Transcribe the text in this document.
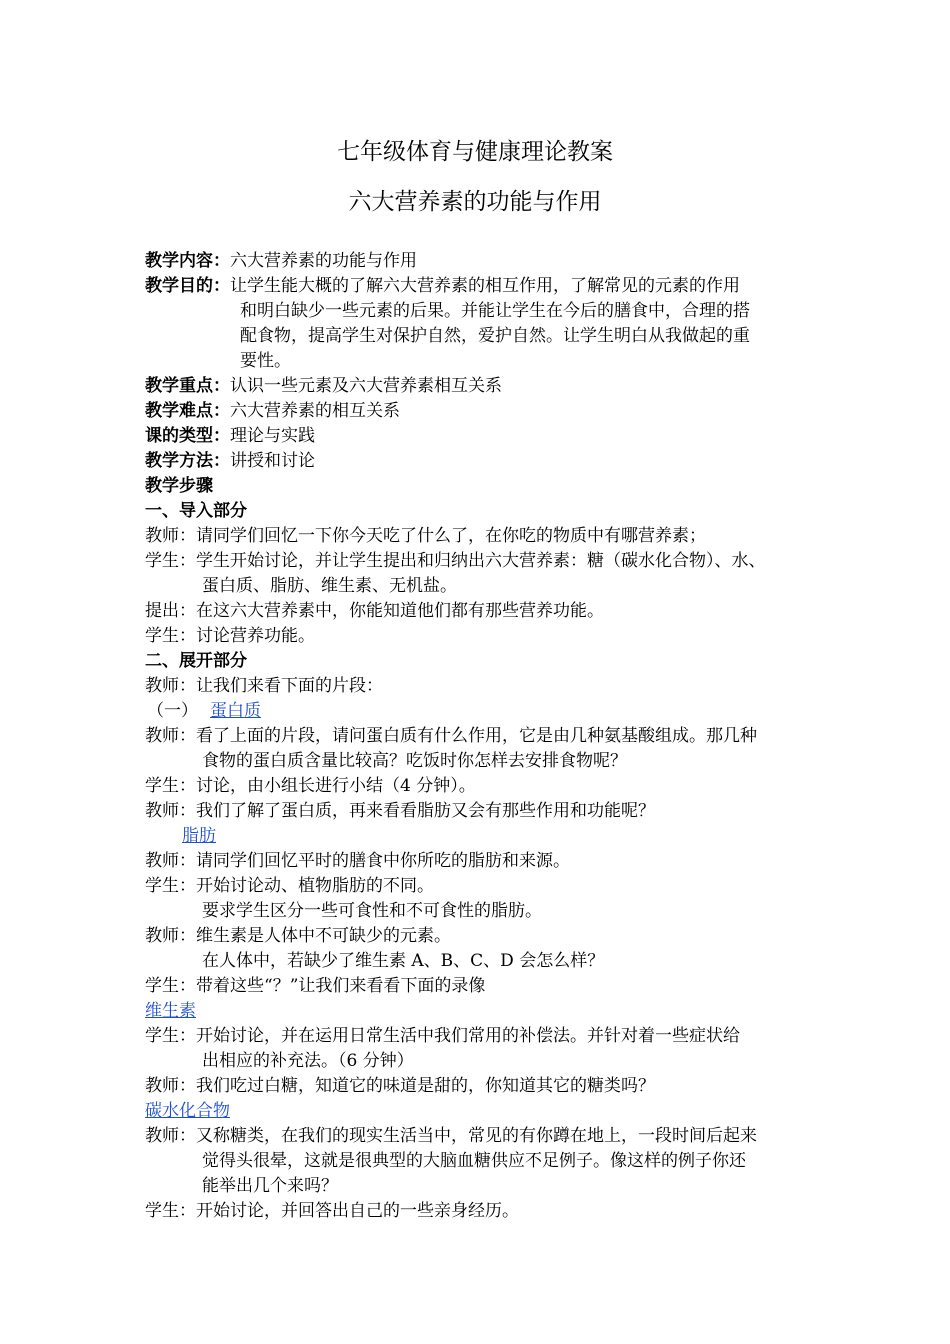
七年级体育与健康理论教案
六大营养素的功能与作用
教学内容：六大营养素的功能与作用
教学目的：让学生能大概的了解六大营养素的相互作用，了解常见的元素的作用
和明白缺少一些元素的后果。并能让学生在今后的膳食中，合理的搭
配食物，提高学生对保护自然，爱护自然。让学生明白从我做起的重
要性。
教学重点：认识一些元素及六大营养素相互关系
教学难点：六大营养素的相互关系
课的类型：理论与实践
教学方法：讲授和讨论
教学步骤
一、导入部分
教师：请同学们回忆一下你今天吃了什么了，在你吃的物质中有哪营养素；
学生：学生开始讨论，并让学生提出和归纳出六大营养素：糖（碳水化合物）、水、
蛋白质、脂肪、维生素、无机盐。
提出：在这六大营养素中，你能知道他们都有那些营养功能。
学生：讨论营养功能。
二、展开部分
教师：让我们来看下面的片段：
（一） 蛋白质
教师：看了上面的片段，请问蛋白质有什么作用，它是由几种氨基酸组成。那几种
食物的蛋白质含量比较高？吃饭时你怎样去安排食物呢？
学生：讨论，由小组长进行小结（4 分钟）。
教师：我们了解了蛋白质，再来看看脂肪又会有那些作用和功能呢？
脂肪
教师：请同学们回忆平时的膳食中你所吃的脂肪和来源。
学生：开始讨论动、植物脂肪的不同。
要求学生区分一些可食性和不可食性的脂肪。
教师：维生素是人体中不可缺少的元素。
在人体中，若缺少了维生素 A、B、C、D 会怎么样？
学生：带着这些“？”让我们来看看下面的录像
维生素
学生：开始讨论，并在运用日常生活中我们常用的补偿法。并针对着一些症状给
出相应的补充法。（6 分钟）
教师：我们吃过白糖，知道它的味道是甜的，你知道其它的糖类吗？
碳水化合物
教师：又称糖类，在我们的现实生活当中，常见的有你蹲在地上，一段时间后起来
觉得头很晕，这就是很典型的大脑血糖供应不足例子。像这样的例子你还
能举出几个来吗？
学生：开始讨论，并回答出自己的一些亲身经历。
